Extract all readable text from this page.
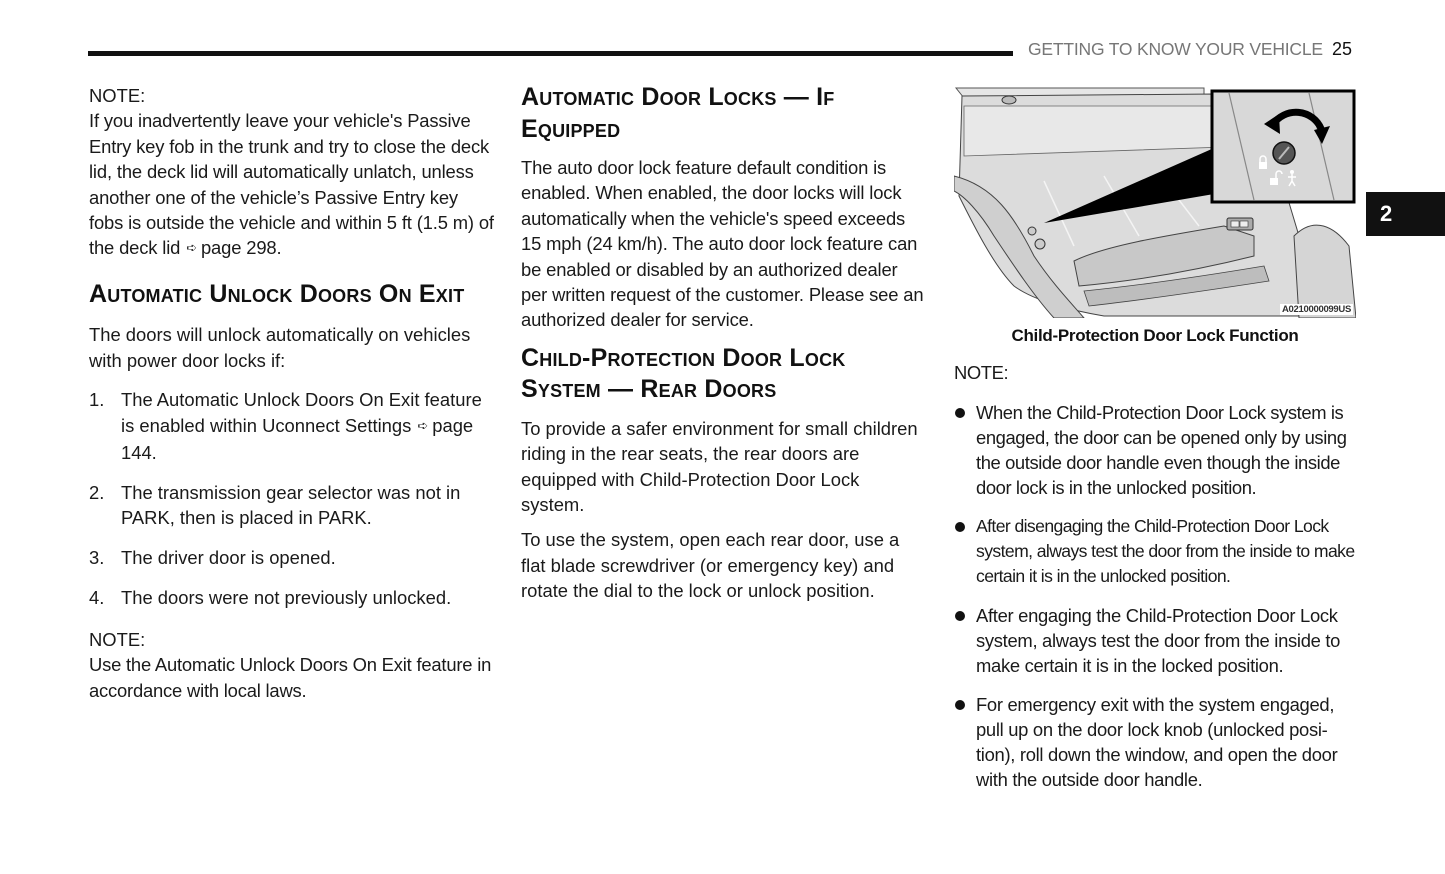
GETTING TO KNOW YOUR VEHICLE 25
2

NOTE:

If you inadvertently leave your vehicle's Passive Entry key fob in the trunk and try to close the deck lid, the deck lid will automatically unlatch, unless another one of the vehicle’s Passive Entry key fobs is outside the vehicle and within 5 ft (1.5 m) of the deck lid ➪ page 298.

Automatic Unlock Doors On Exit

The doors will unlock automatically on vehicles with power door locks if:

1. The Automatic Unlock Doors On Exit feature is enabled within Uconnect Settings ➪ page 144.
2. The transmission gear selector was not in PARK, then is placed in PARK.
3. The driver door is opened.
4. The doors were not previously unlocked.

NOTE:

Use the Automatic Unlock Doors On Exit feature in accordance with local laws.

Automatic Door Locks — If Equipped

The auto door lock feature default condition is enabled. When enabled, the door locks will lock automatically when the vehicle's speed exceeds 15 mph (24 km/h). The auto door lock feature can be enabled or disabled by an authorized dealer per written request of the customer. Please see an authorized dealer for service.

Child-Protection Door Lock System — Rear Doors

To provide a safer environment for small children riding in the rear seats, the rear doors are equipped with Child-Protection Door Lock system.

To use the system, open each rear door, use a flat blade screwdriver (or emergency key) and rotate the dial to the lock or unlock position.

A0210000099US
Child-Protection Door Lock Function

NOTE:

When the Child-Protection Door Lock system is engaged, the door can be opened only by using the outside door handle even though the inside door lock is in the unlocked position.
After disengaging the Child-Protection Door Lock system, always test the door from the inside to make certain it is in the unlocked position.
After engaging the Child-Protection Door Lock system, always test the door from the inside to make certain it is in the locked position.
For emergency exit with the system engaged, pull up on the door lock knob (unlocked posi-tion), roll down the window, and open the door with the outside door handle.
